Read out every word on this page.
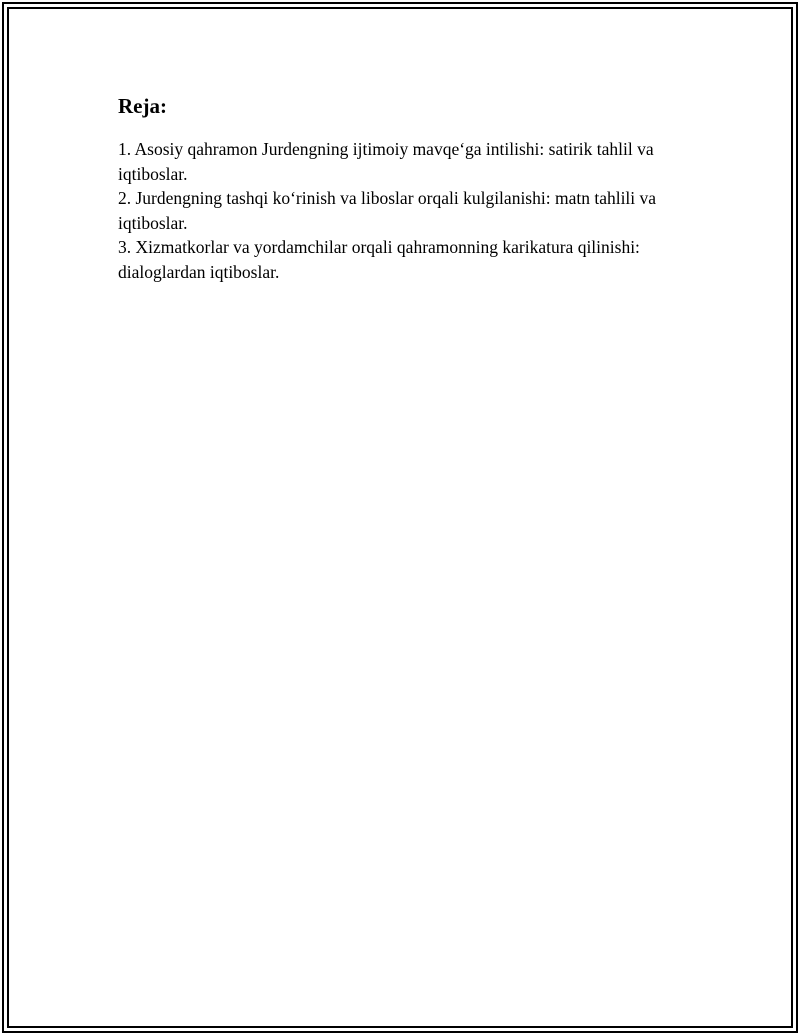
Reja:
1. Asosiy qahramon Jurdengning ijtimoiy mavqe‘ga intilishi: satirik tahlil va iqtiboslar.
2. Jurdengning tashqi ko‘rinish va liboslar orqali kulgilanishi: matn tahlili va iqtiboslar.
3. Xizmatkorlar va yordamchilar orqali qahramonning karikatura qilinishi: dialoglardan iqtiboslar.
